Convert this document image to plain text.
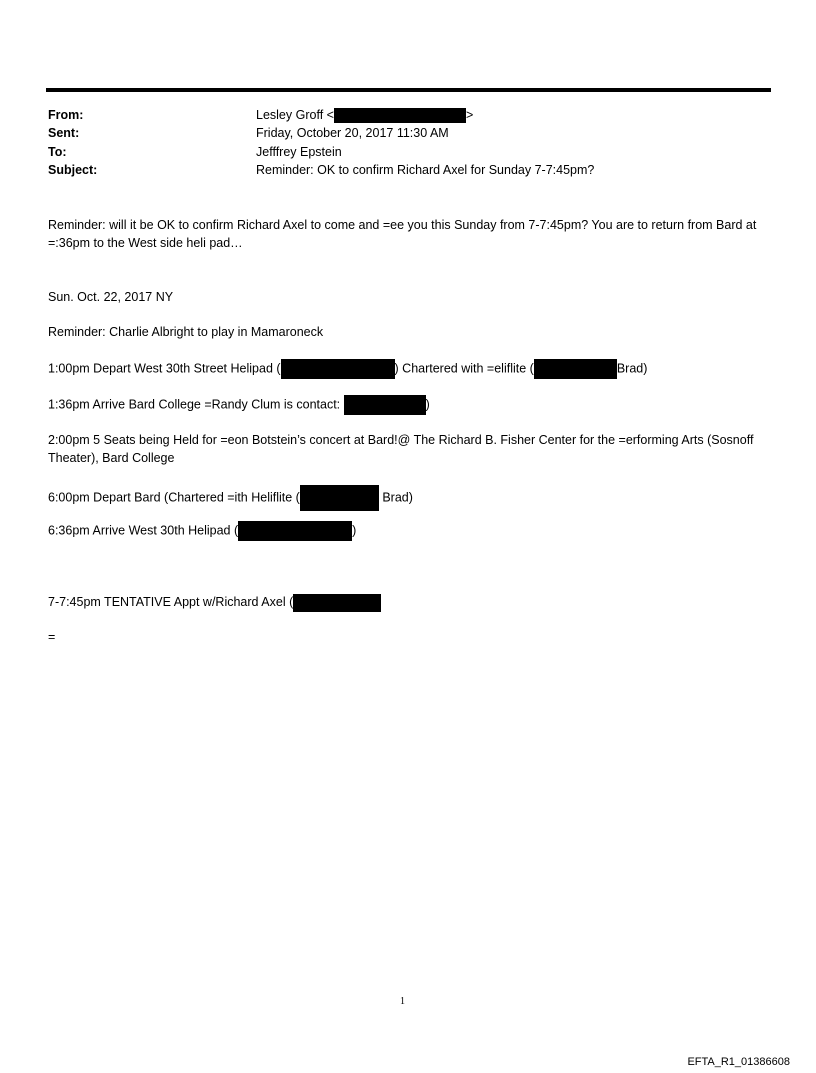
From:	Lesley Groff <	>
Sent:	Friday, October 20, 2017 11:30 AM
To:	Jefffrey Epstein
Subject:	Reminder: OK to confirm Richard Axel for Sunday 7-7:45pm?
Reminder: will it be OK to confirm Richard Axel to come and =ee you this Sunday from 7-7:45pm? You are to return from Bard at =:36pm to the West side heli pad…
Sun. Oct. 22, 2017 NY
Reminder: Charlie Albright to play in Mamaroneck
1:00pm Depart West 30th Street Helipad (	) Chartered with =eliflite (	Brad)
1:36pm Arrive Bard College =Randy Clum is contact:	)
2:00pm 5 Seats being Held for =eon Botstein’s concert at Bard!@ The Richard B. Fisher Center for the =erforming Arts (Sosnoff Theater), Bard College
6:00pm Depart Bard (Chartered =ith Heliflite (	Brad)
6:36pm Arrive West 30th Helipad (	)
7-7:45pm TENTATIVE Appt w/Richard Axel (
=
1
EFTA_R1_01386608
